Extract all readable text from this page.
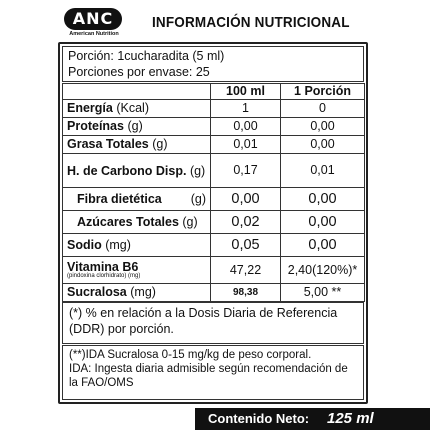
ANC
American Nutrition
INFORMACIÓN NUTRICIONAL
Porción: 1cucharadita (5 ml)
Porciones por envase: 25
	100 ml	1 Porción
Energía (Kcal)	1	0
Proteínas (g)	0,00	0,00
Grasa Totales (g)	0,01	0,00
H. de Carbono Disp. (g)	0,17	0,01
Fibra dietética (g)	0,00	0,00
Azúcares Totales (g)	0,02	0,00
Sodio (mg)	0,05	0,00
Vitamina B6
(pindoxina clorhidrato) (mg)	47,22	2,40(120%)*
Sucralosa (mg)	98,38	5,00 **
(*) % en relación a la Dosis Diaria de Referencia (DDR) por porción.
(**)IDA Sucralosa 0-15 mg/kg de peso corporal.
IDA: Ingesta diaria admisible según recomendación de la FAO/OMS
Contenido Neto: 125 ml
